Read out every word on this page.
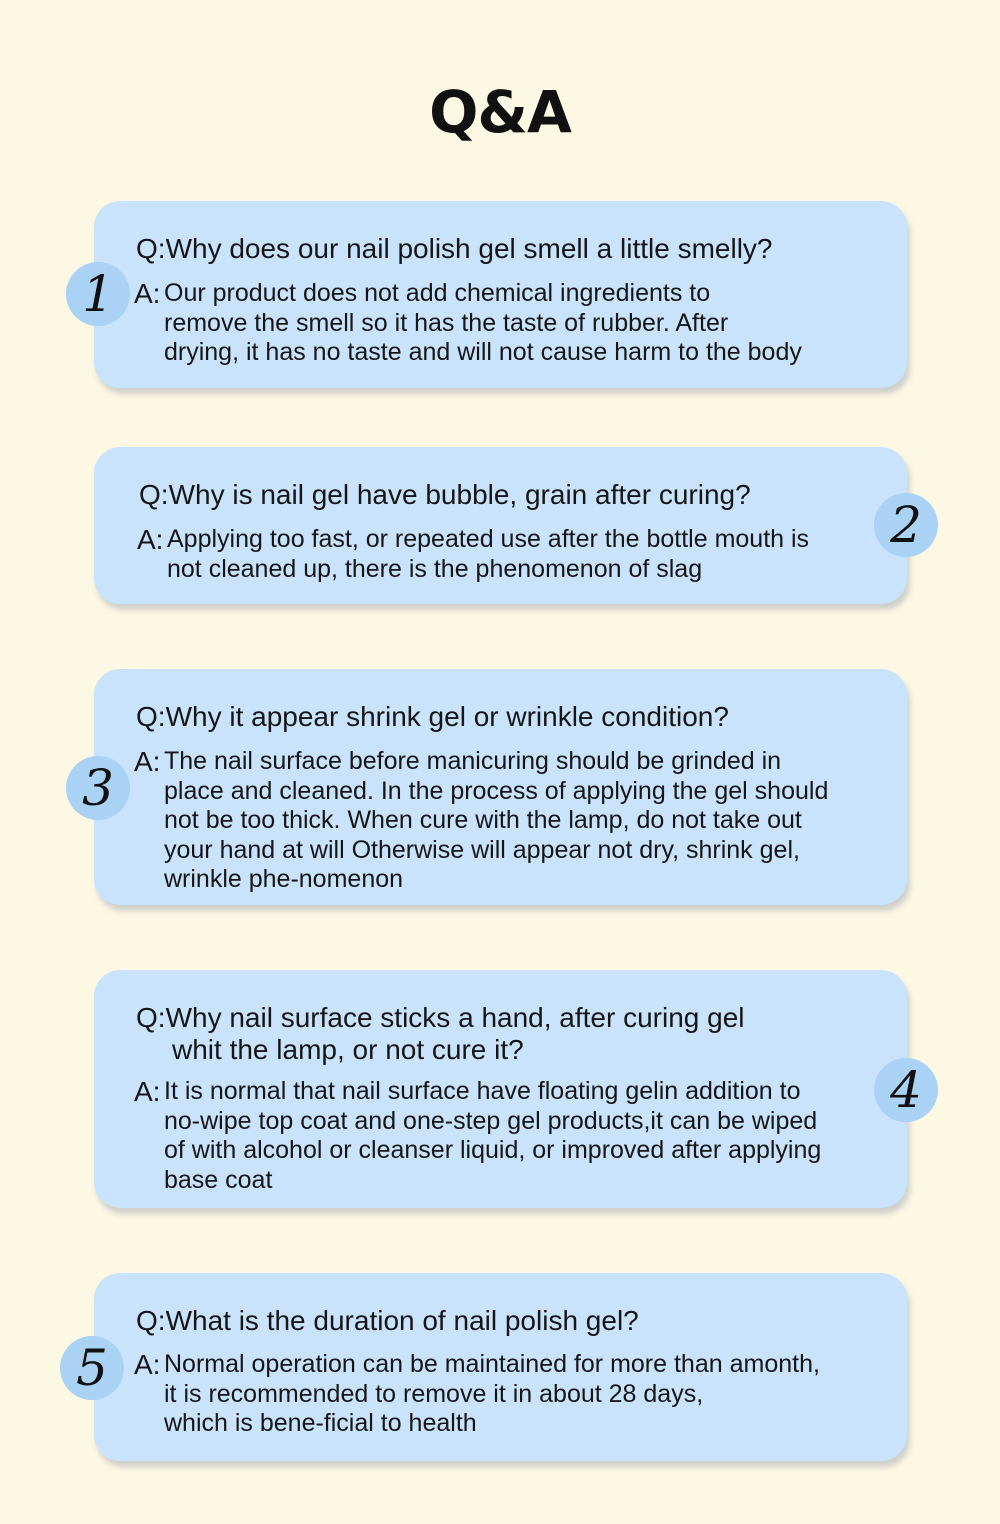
Q&A
Q:Why does our nail polish gel smell a little smelly?
A: Our product does not add chemical ingredients to
remove the smell so it has the taste of rubber. After
drying, it has no taste and will not cause harm to the body
1
Q:Why is nail gel have bubble, grain after curing?
A: Applying too fast, or repeated use after the bottle mouth is
not cleaned up, there is the phenomenon of slag
2
Q:Why it appear shrink gel or wrinkle condition?
A: The nail surface before manicuring should be grinded in
place and cleaned. In the process of applying the gel should
not be too thick. When cure with the lamp, do not take out
your hand at will Otherwise will appear not dry, shrink gel,
wrinkle phe-nomenon
3
Q:Why nail surface sticks a hand, after curing gel
whit the lamp, or not cure it?
A: It is normal that nail surface have floating gelin addition to
no-wipe top coat and one-step gel products,it can be wiped
of with alcohol or cleanser liquid, or improved after applying
base coat
4
Q:What is the duration of nail polish gel?
A: Normal operation can be maintained for more than amonth,
it is recommended to remove it in about 28 days,
which is bene-ficial to health
5
